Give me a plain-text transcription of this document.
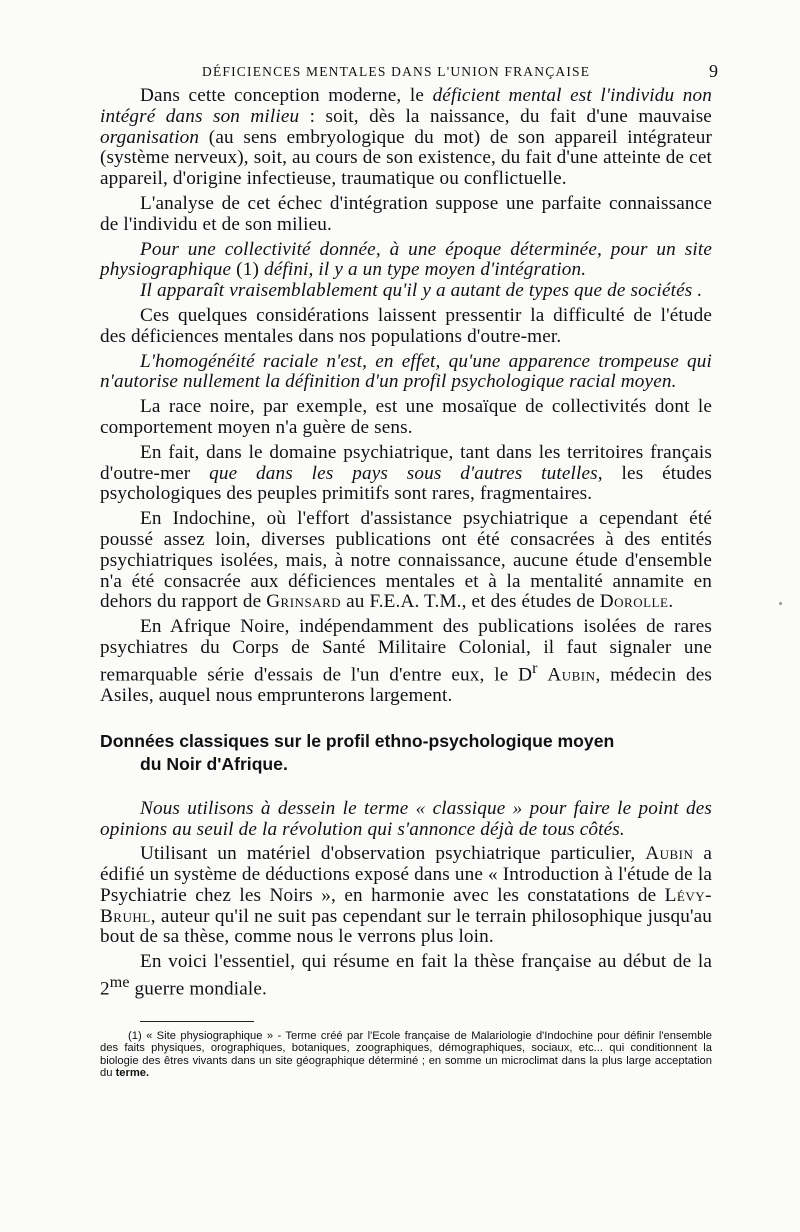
DÉFICIENCES MENTALES DANS L'UNION FRANÇAISE	9

Dans cette conception moderne, le déficient mental est l'individu non intégré dans son milieu : soit, dès la naissance, du fait d'une mauvaise organisation (au sens embryologique du mot) de son appareil intégrateur (système nerveux), soit, au cours de son existence, du fait d'une atteinte de cet appareil, d'origine infectieuse, traumatique ou conflictuelle.

L'analyse de cet échec d'intégration suppose une parfaite connaissance de l'individu et de son milieu.

Pour une collectivité donnée, à une époque déterminée, pour un site physiographique (1) défini, il y a un type moyen d'intégration.

Il apparaît vraisemblablement qu'il y a autant de types que de sociétés .

Ces quelques considérations laissent pressentir la difficulté de l'étude des déficiences mentales dans nos populations d'outre-mer.

L'homogénéité raciale n'est, en effet, qu'une apparence trompeuse qui n'autorise nullement la définition d'un profil psychologique racial moyen.

La race noire, par exemple, est une mosaïque de collectivités dont le comportement moyen n'a guère de sens.

En fait, dans le domaine psychiatrique, tant dans les territoires français d'outre-mer que dans les pays sous d'autres tutelles, les études psychologiques des peuples primitifs sont rares, fragmentaires.

En Indochine, où l'effort d'assistance psychiatrique a cependant été poussé assez loin, diverses publications ont été consacrées à des entités psychiatriques isolées, mais, à notre connaissance, aucune étude d'ensemble n'a été consacrée aux déficiences mentales et à la mentalité annamite en dehors du rapport de Grinsard au F.E.A. T.M., et des études de Dorolle.

En Afrique Noire, indépendamment des publications isolées de rares psychiatres du Corps de Santé Militaire Colonial, il faut signaler une remarquable série d'essais de l'un d'entre eux, le $D^r$ Aubin, médecin des Asiles, auquel nous emprunterons largement.

Données classiques sur le profil ethno-psychologique moyen
du Noir d'Afrique.

Nous utilisons à dessein le terme « classique » pour faire le point des opinions au seuil de la révolution qui s'annonce déjà de tous côtés.

Utilisant un matériel d'observation psychiatrique particulier, Aubin a édifié un système de déductions exposé dans une « Introduction à l'étude de la Psychiatrie chez les Noirs », en harmonie avec les constatations de Lévy-Bruhl, auteur qu'il ne suit pas cependant sur le terrain philosophique jusqu'au bout de sa thèse, comme nous le verrons plus loin.

En voici l'essentiel, qui résume en fait la thèse française au début de la $2^{me}$ guerre mondiale.

(1) « Site physiographique » - Terme créé par l'Ecole française de Malariologie d'Indochine pour définir l'ensemble des faits physiques, orographiques, botaniques, zoographiques, démographiques, sociaux, etc... qui conditionnent la biologie des êtres vivants dans un site géographique déterminé ; en somme un microclimat dans la plus large acceptation du terme.
